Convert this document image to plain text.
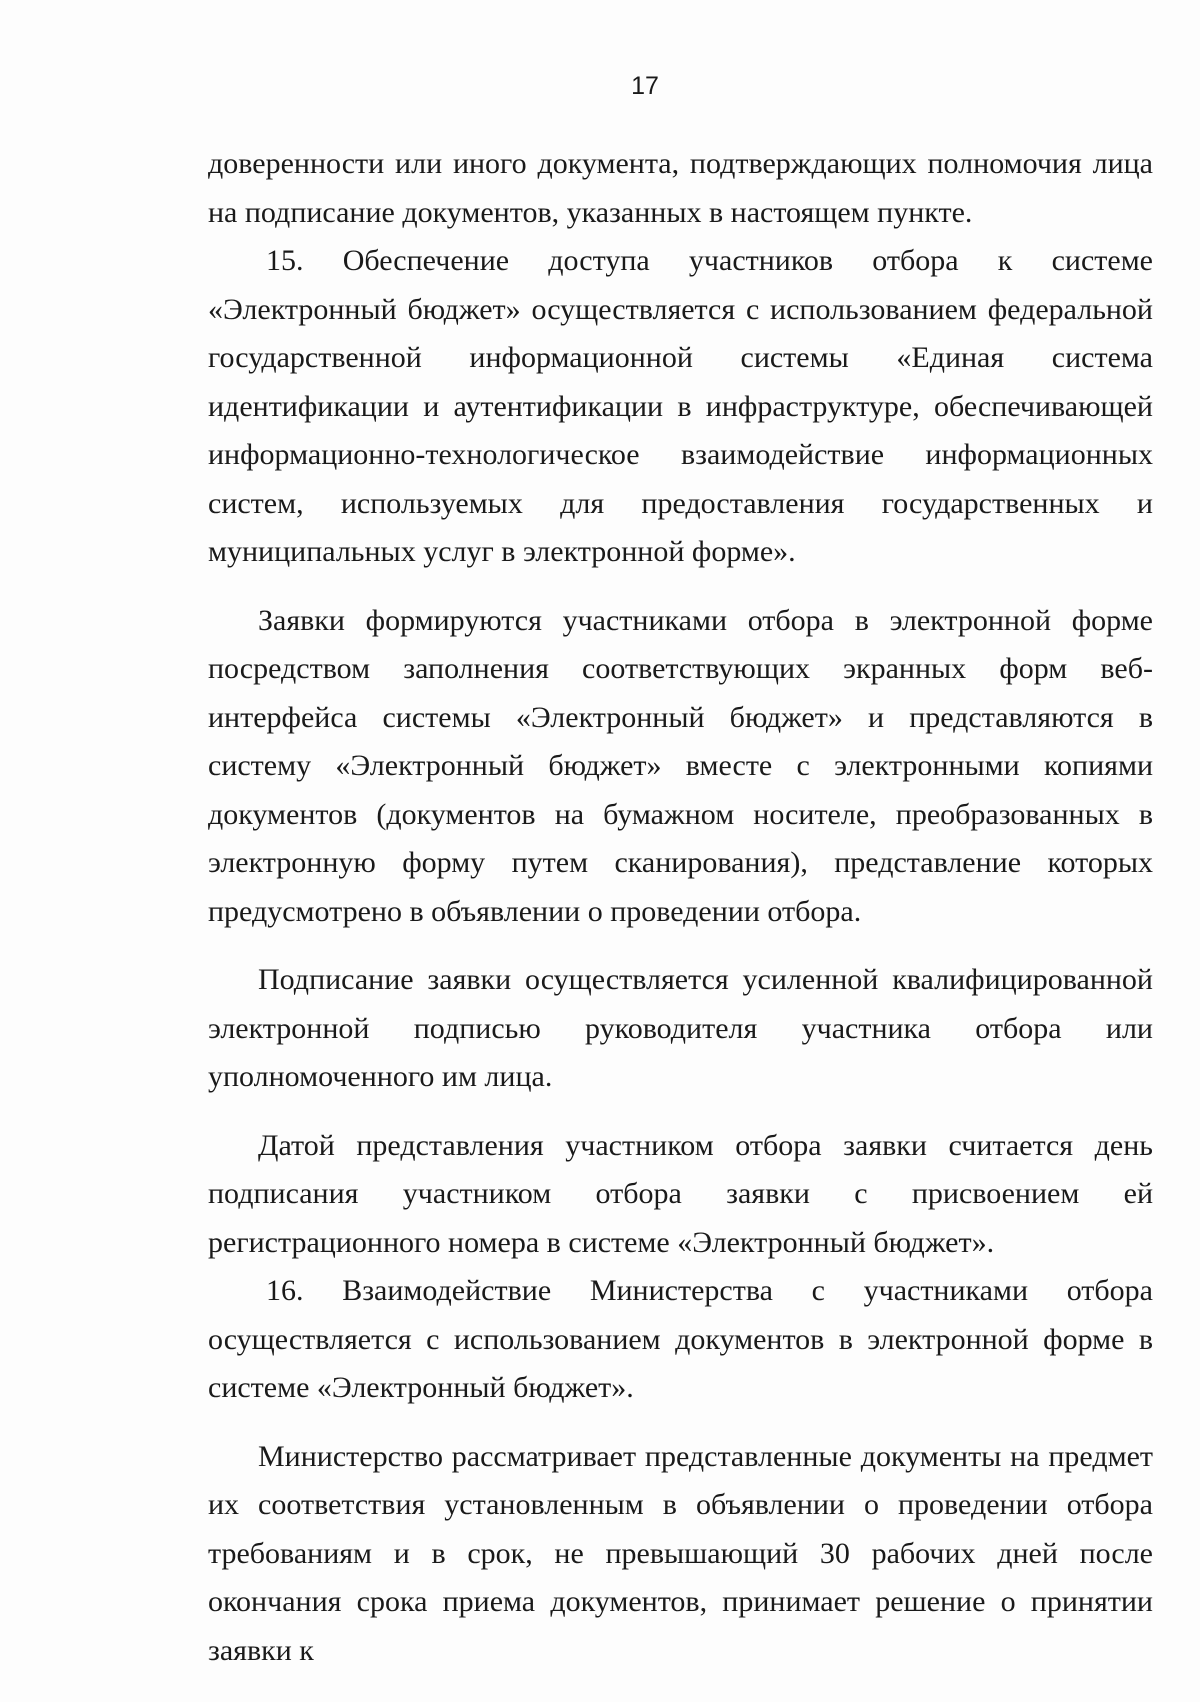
17

доверенности или иного документа, подтверждающих полномочия лица на подписание документов, указанных в настоящем пункте.

15. Обеспечение доступа участников отбора к системе «Электронный бюджет» осуществляется с использованием федеральной государственной информационной системы «Единая система идентификации и аутентификации в инфраструктуре, обеспечивающей информационно-технологическое взаимодействие информационных систем, используемых для предоставления государственных и муниципальных услуг в электронной форме».

Заявки формируются участниками отбора в электронной форме посредством заполнения соответствующих экранных форм веб-интерфейса системы «Электронный бюджет» и представляются в систему «Электронный бюджет» вместе с электронными копиями документов (документов на бумажном носителе, преобразованных в электронную форму путем сканирования), представление которых предусмотрено в объявлении о проведении отбора.

Подписание заявки осуществляется усиленной квалифицированной электронной подписью руководителя участника отбора или уполномоченного им лица.

Датой представления участником отбора заявки считается день подписания участником отбора заявки с присвоением ей регистрационного номера в системе «Электронный бюджет».

16. Взаимодействие Министерства с участниками отбора осуществляется с использованием документов в электронной форме в системе «Электронный бюджет».

Министерство рассматривает представленные документы на предмет их соответствия установленным в объявлении о проведении отбора требованиям и в срок, не превышающий 30 рабочих дней после окончания срока приема документов, принимает решение о принятии заявки к
